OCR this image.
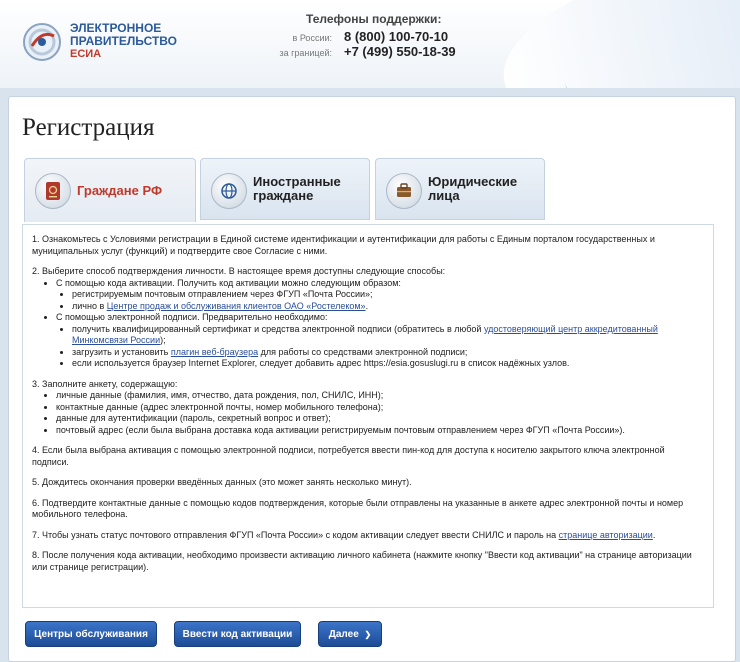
ЭЛЕКТРОННОЕ
ПРАВИТЕЛЬСТВО
ЕСИА
Телефоны поддержки:
в России: 8 (800) 100-70-10
за границей: +7 (499) 550-18-39
Регистрация
Граждане РФ
Иностранные
граждане
Юридические
лица

1. Ознакомьтесь с Условиями регистрации в Единой системе идентификации и аутентификации для работы с Единым порталом государственных и муниципальных услуг (функций) и подтвердите свое Согласие с ними.

2. Выберите способ подтверждения личности. В настоящее время доступны следующие способы:
• С помощью кода активации. Получить код активации можно следующим образом:
• регистрируемым почтовым отправлением через ФГУП «Почта России»;
• лично в Центре продаж и обслуживания клиентов ОАО «Ростелеком».
• С помощью электронной подписи. Предварительно необходимо:
• получить квалифицированный сертификат и средства электронной подписи (обратитесь в любой удостоверяющий центр аккредитованный Минкомсвязи России);
• загрузить и установить плагин веб-браузера для работы со средствами электронной подписи;
• если используется браузер Internet Explorer, следует добавить адрес https://esia.gosuslugi.ru в список надёжных узлов.
3. Заполните анкету, содержащую:
• личные данные (фамилия, имя, отчество, дата рождения, пол, СНИЛС, ИНН);
• контактные данные (адрес электронной почты, номер мобильного телефона);
• данные для аутентификации (пароль, секретный вопрос и ответ);
• почтовый адрес (если была выбрана доставка кода активации регистрируемым почтовым отправлением через ФГУП «Почта России»).

4. Если была выбрана активация с помощью электронной подписи, потребуется ввести пин-код для доступа к носителю закрытого ключа электронной подписи.

5. Дождитесь окончания проверки введённых данных (это может занять несколько минут).

6. Подтвердите контактные данные с помощью кодов подтверждения, которые были отправлены на указанные в анкете адрес электронной почты и номер мобильного телефона.

7. Чтобы узнать статус почтового отправления ФГУП «Почта России» с кодом активации следует ввести СНИЛС и пароль на странице авторизации.

8. После получения кода активации, необходимо произвести активацию личного кабинета (нажмите кнопку "Ввести код активации" на странице авторизации или странице регистрации).

Центры обслуживания	Ввести код активации	Далее ❯
